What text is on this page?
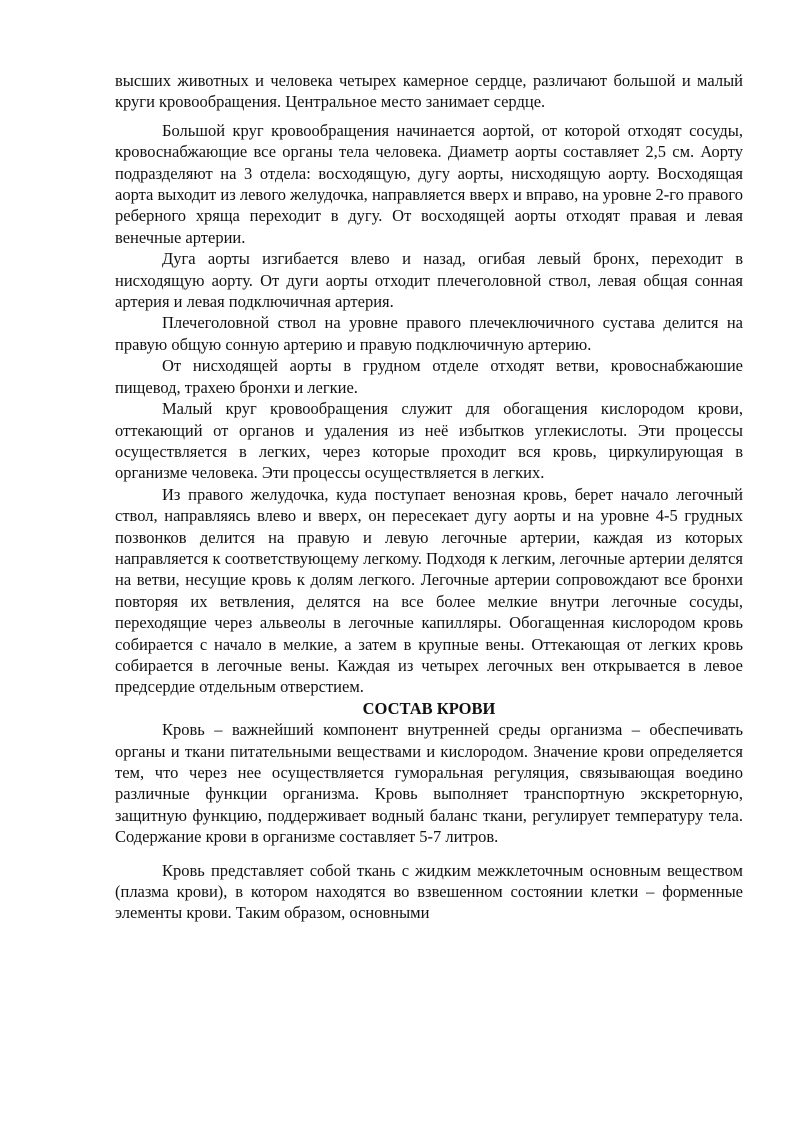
высших животных и человека четырех камерное сердце, различают большой и малый круги кровообращения. Центральное место занимает сердце.

Большой круг кровообращения начинается аортой, от которой отходят сосуды, кровоснабжающие все органы тела человека. Диаметр аорты составляет 2,5 см. Аорту подразделяют на 3 отдела: восходящую, дугу аорты, нисходящую аорту. Восходящая аорта выходит из левого желудочка, направляется вверх и вправо, на уровне 2-го правого реберного хряща переходит в дугу. От восходящей аорты отходят правая и левая венечные артерии.

Дуга аорты изгибается влево и назад, огибая левый бронх, переходит в нисходящую аорту. От дуги аорты отходит плечеголовной ствол, левая общая сонная артерия и левая подключичная артерия.

Плечеголовной ствол на уровне правого плечеключичного сустава делится на правую общую сонную артерию и правую подключичную артерию.

От нисходящей аорты в грудном отделе отходят ветви, кровоснабжаюшие пищевод, трахею бронхи и легкие.

Малый круг кровообращения служит для обогащения кислородом крови, оттекающий от органов и удаления из неё избытков углекислоты. Эти процессы осуществляется в легких, через которые проходит вся кровь, циркулирующая в организме человека. Эти процессы осуществляется в легких.

Из правого желудочка, куда поступает венозная кровь, берет начало легочный ствол, направляясь влево и вверх, он пересекает дугу аорты и на уровне 4-5 грудных позвонков делится на правую и левую легочные артерии, каждая из которых направляется к соответствующему легкому. Подходя к легким, легочные артерии делятся на ветви, несущие кровь к долям легкого. Легочные артерии сопровождают все бронхи повторяя их ветвления, делятся на все более мелкие внутри легочные сосуды, переходящие через альвеолы в легочные капилляры. Обогащенная кислородом кровь собирается с начало в мелкие, а затем в крупные вены. Оттекающая от легких кровь собирается в легочные вены. Каждая из четырех легочных вен открывается в левое предсердие отдельным отверстием.

СОСТАВ КРОВИ

Кровь – важнейший компонент внутренней среды организма – обеспечивать органы и ткани питательными веществами и кислородом. Значение крови определяется тем, что через нее осуществляется гуморальная регуляция, связывающая воедино различные функции организма. Кровь выполняет транспортную экскреторную, защитную функцию, поддерживает водный баланс ткани, регулирует температуру тела. Содержание крови в организме составляет 5-7 литров.

Кровь представляет собой ткань с жидким межклеточным основным веществом (плазма крови), в котором находятся во взвешенном состоянии клетки – форменные элементы крови. Таким образом, основными
